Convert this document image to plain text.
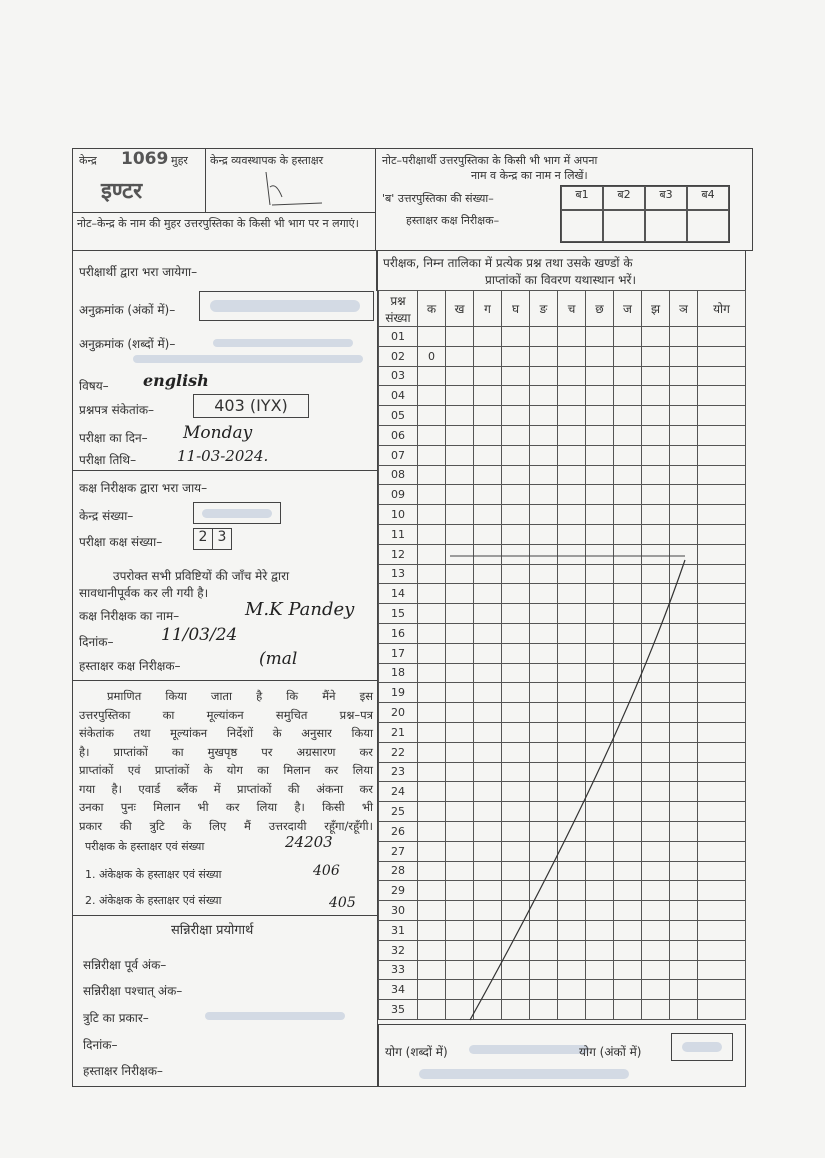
केन्द्र 1069 मुहर
इण्टर
केन्द्र व्यवस्थापक के हस्ताक्षर
नोट–केन्द्र के नाम की मुहर उत्तरपुस्तिका के किसी भी भाग पर न लगाएं।
नोट–परीक्षार्थी उत्तरपुस्तिका के किसी भी भाग में अपना
नाम व केन्द्र का नाम न लिखें।
'ब' उत्तरपुस्तिका की संख्या–
हस्ताक्षर कक्ष निरीक्षक–
ब1	ब2	ब3	ब4
परीक्षार्थी द्वारा भरा जायेगा–
अनुक्रमांक (अंकों में)–
अनुक्रमांक (शब्दों में)–
विषय– english
प्रश्नपत्र संकेतांक–	403 (IYX)
परीक्षा का दिन– Monday
परीक्षा तिथि–	11-03-2024.
कक्ष निरीक्षक द्वारा भरा जाय–
केन्द्र संख्या–
परीक्षा कक्ष संख्या–	2 3
उपरोक्त सभी प्रविष्टियों की जाँच मेरे द्वारा
सावधानीपूर्वक कर ली गयी है।
कक्ष निरीक्षक का नाम–	M.K Pandey
दिनांक–	11/03/24
हस्ताक्षर कक्ष निरीक्षक–	(mal
प्रमाणित किया जाता है कि मैंने इस
उत्तरपुस्तिका का मूल्यांकन समुचित प्रश्न–पत्र
संकेतांक तथा मूल्यांकन निर्देशों के अनुसार किया
है। प्राप्तांकों का मुखपृष्ठ पर अग्रसारण कर
प्राप्तांकों एवं प्राप्तांकों के योग का मिलान कर लिया
गया है। एवार्ड ब्लैंक में प्राप्तांकों की अंकना कर
उनका पुनः मिलान भी कर लिया है। किसी भी
प्रकार की त्रुटि के लिए मैं उत्तरदायी रहूँगा/रहूँगी।
परीक्षक के हस्ताक्षर एवं संख्या	24203
1. अंकेक्षक के हस्ताक्षर एवं संख्या	406
2. अंकेक्षक के हस्ताक्षर एवं संख्या	405
सन्निरीक्षा प्रयोगार्थ
सन्निरीक्षा पूर्व अंक–
सन्निरीक्षा पश्चात् अंक–
त्रुटि का प्रकार–
दिनांक–
हस्ताक्षर निरीक्षक–
परीक्षक, निम्न तालिका में प्रत्येक प्रश्न तथा उसके खण्डों के
प्राप्तांकों का विवरण यथास्थान भरें।
प्रश्न संख्या	क	ख	ग	घ	ङ	च	छ	ज	झ	ञ	योग
01											
02	0										
03											
04											
05											
06											
07											
08											
09											
10											
11											
12											
13											
14											
15											
16											
17											
18											
19											
20											
21											
22											
23											
24											
25											
26											
27											
28											
29											
30											
31											
32											
33											
34											
35											
योग (शब्दों में)	योग (अंकों में)
